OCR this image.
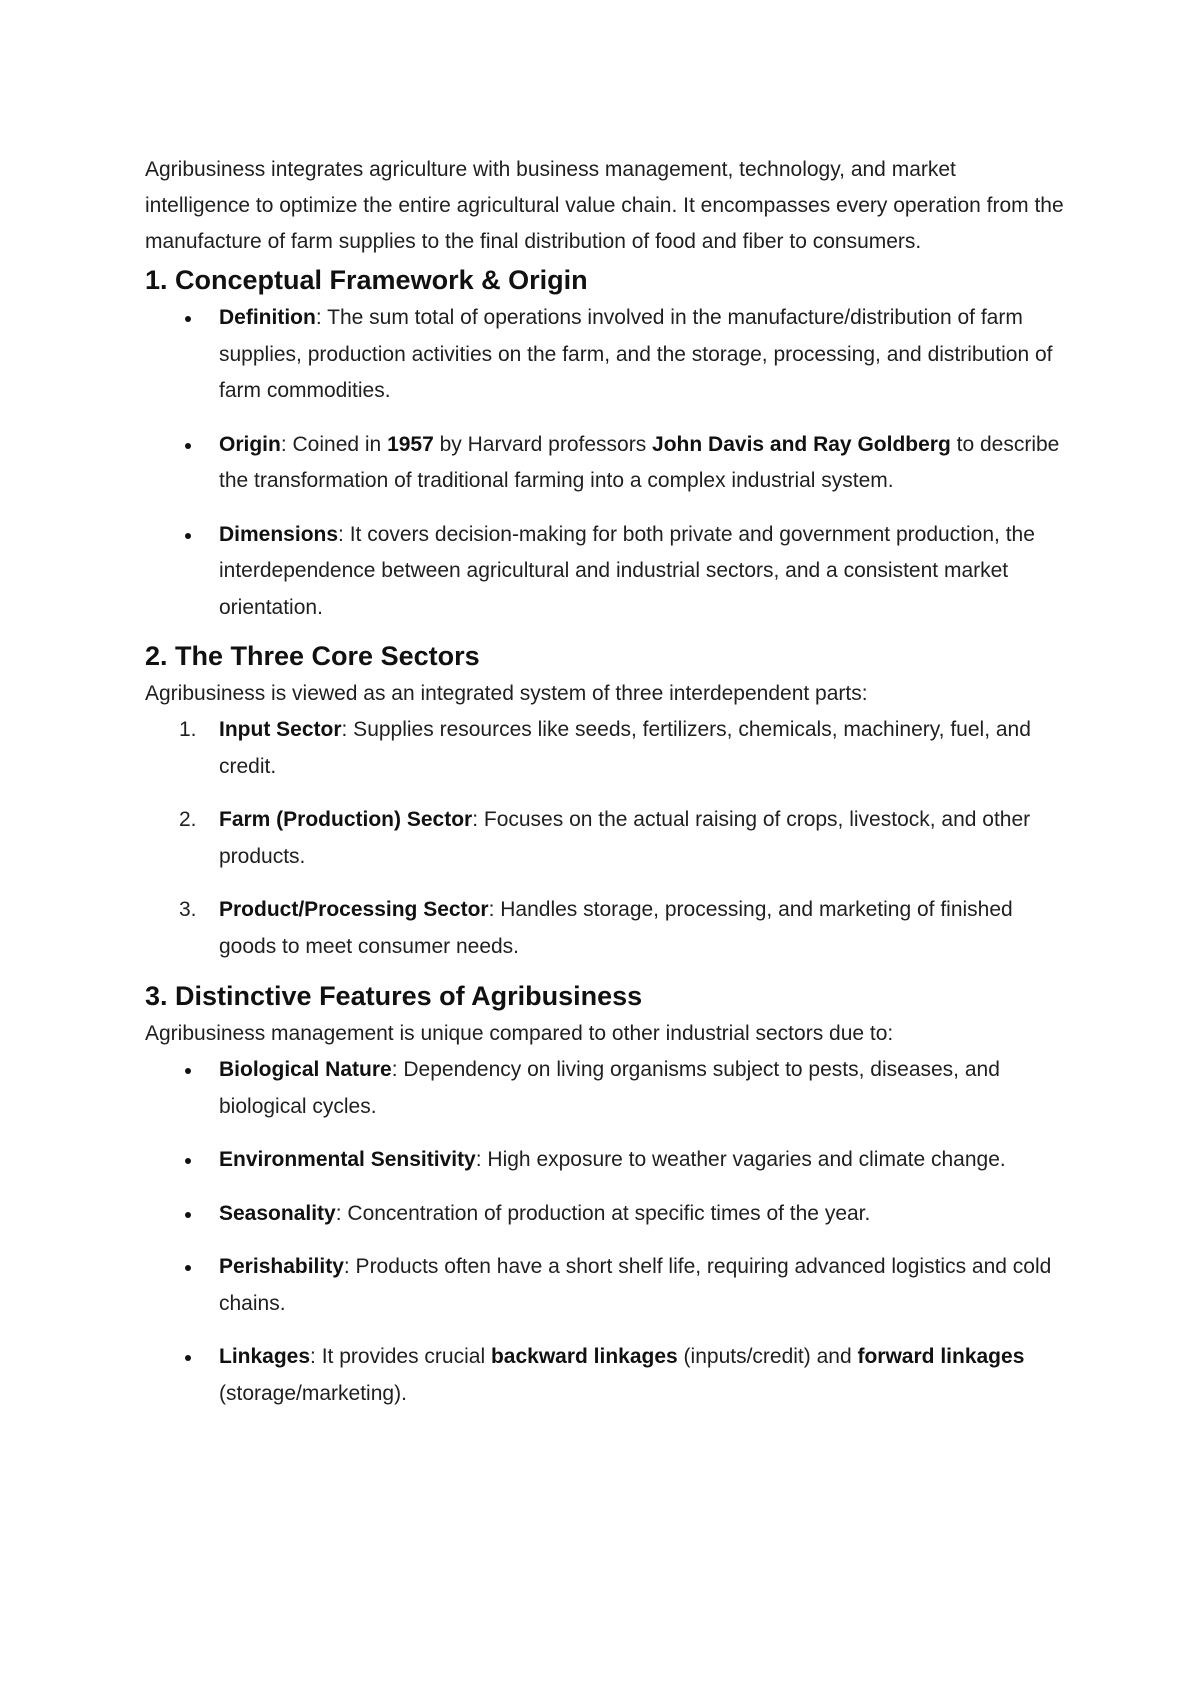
Agribusiness integrates agriculture with business management, technology, and market intelligence to optimize the entire agricultural value chain. It encompasses every operation from the manufacture of farm supplies to the final distribution of food and fiber to consumers.

1. Conceptual Framework & Origin
Definition: The sum total of operations involved in the manufacture/distribution of farm supplies, production activities on the farm, and the storage, processing, and distribution of farm commodities.
Origin: Coined in 1957 by Harvard professors John Davis and Ray Goldberg to describe the transformation of traditional farming into a complex industrial system.
Dimensions: It covers decision-making for both private and government production, the interdependence between agricultural and industrial sectors, and a consistent market orientation.
2. The Three Core Sectors

Agribusiness is viewed as an integrated system of three interdependent parts:

1. Input Sector: Supplies resources like seeds, fertilizers, chemicals, machinery, fuel, and credit.
2. Farm (Production) Sector: Focuses on the actual raising of crops, livestock, and other products.
3. Product/Processing Sector: Handles storage, processing, and marketing of finished goods to meet consumer needs.
3. Distinctive Features of Agribusiness

Agribusiness management is unique compared to other industrial sectors due to:

Biological Nature: Dependency on living organisms subject to pests, diseases, and biological cycles.
Environmental Sensitivity: High exposure to weather vagaries and climate change.
Seasonality: Concentration of production at specific times of the year.
Perishability: Products often have a short shelf life, requiring advanced logistics and cold chains.
Linkages: It provides crucial backward linkages (inputs/credit) and forward linkages (storage/marketing).
